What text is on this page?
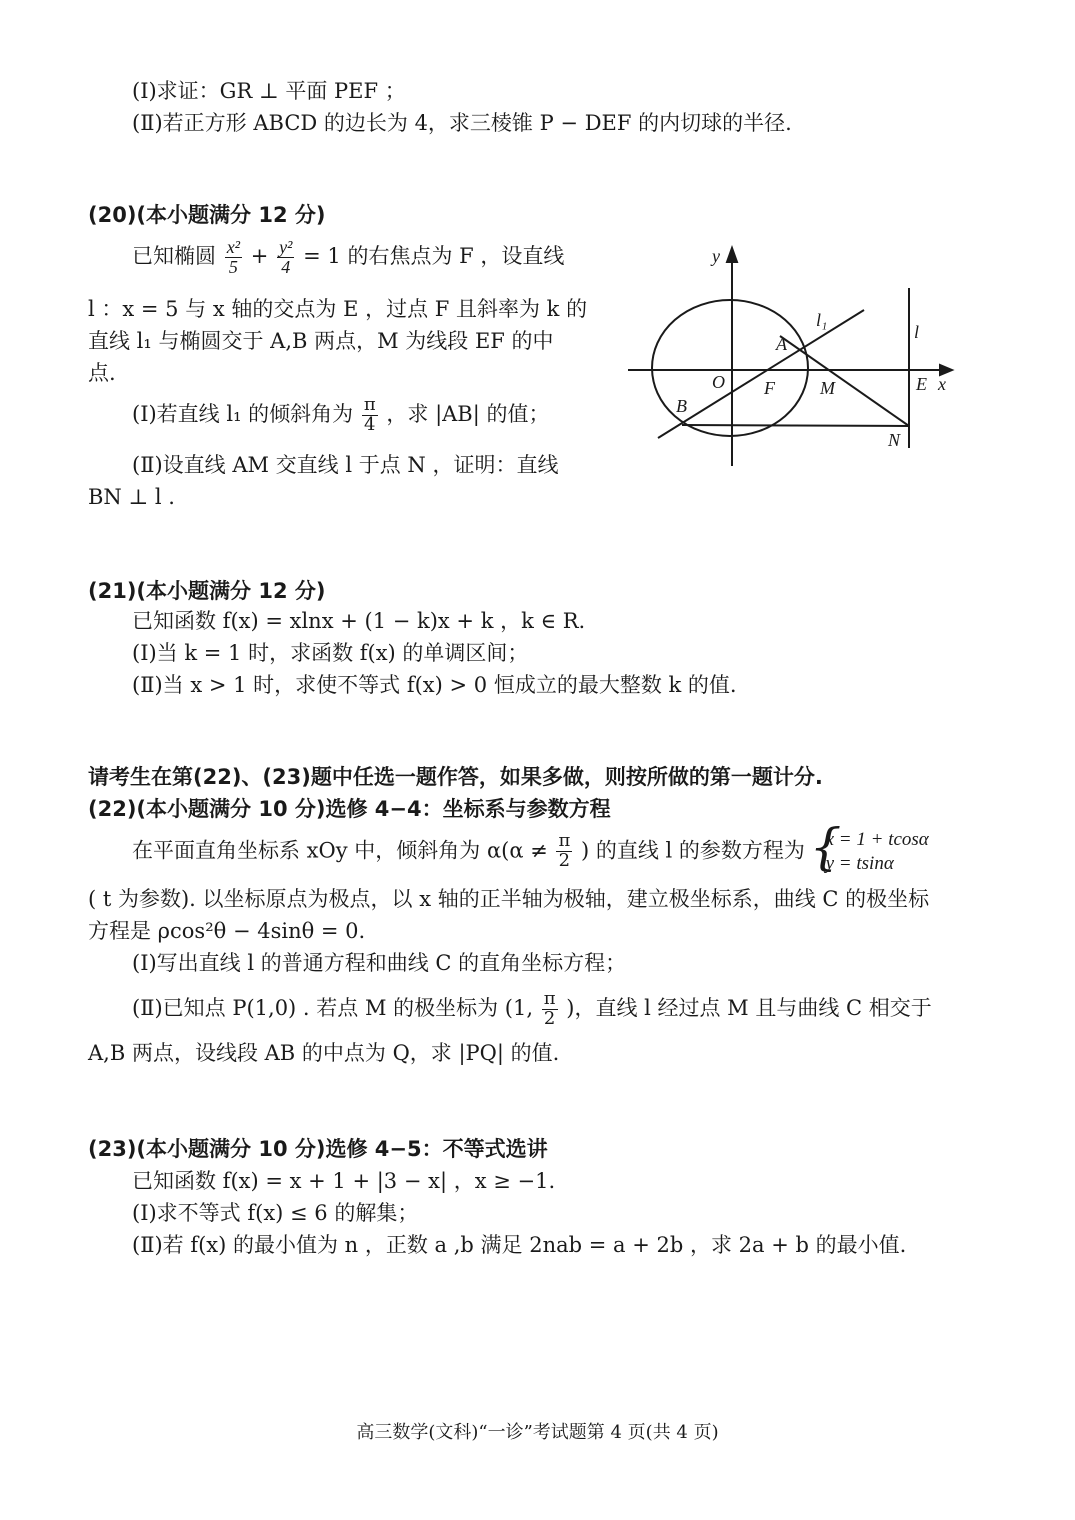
(Ⅰ)求证：GR ⊥ 平面 PEF ；
(Ⅱ)若正方形 ABCD 的边长为 4，求三棱锥 P − DEF 的内切球的半径.
(20)(本小题满分 12 分)
已知椭圆 $\frac{\text{x²}}{5} + \frac{\text{y²}}{4} = 1$ 的右焦点为 F ，设直线
l ：x = 5 与 x 轴的交点为 E ，过点 F 且斜率为 k 的
直线 l₁ 与椭圆交于 A,B 两点，M 为线段 EF 的中
点.
(Ⅰ)若直线 l₁ 的倾斜角为 $\frac{\pi}{4}$ ，求 |AB| 的值；
(Ⅱ)设直线 AM 交直线 l 于点 N ，证明：直线
BN ⊥ l .
y
x
O F	M	E
A
B
N
l
l₁
(21)(本小题满分 12 分)
已知函数 f(x) = xlnx + (1 − k)x + k ，k ∈ R.
(Ⅰ)当 k = 1 时，求函数 f(x) 的单调区间；
(Ⅱ)当 x > 1 时，求使不等式 f(x) > 0 恒成立的最大整数 k 的值.
请考生在第(22)、(23)题中任选一题作答，如果多做，则按所做的第一题计分.
(22)(本小题满分 10 分)选修 4−4：坐标系与参数方程
在平面直角坐标系 xOy 中，倾斜角为 $\alpha(\alpha \ne \frac{\pi}{2}$ ) 的直线 l 的参数方程为
{ x = 1 + tcosα
y = tsinα
( t 为参数). 以坐标原点为极点，以 x 轴的正半轴为极轴，建立极坐标系，曲线 C 的极坐标
方程是 ρcos²θ − 4sinθ = 0.
(Ⅰ)写出直线 l 的普通方程和曲线 C 的直角坐标方程；
(Ⅱ)已知点 P(1,0) . 若点 M 的极坐标为 (1, $\frac{\pi}{2}$ )，直线 l 经过点 M 且与曲线 C 相交于
A,B 两点，设线段 AB 的中点为 Q，求 |PQ| 的值.
(23)(本小题满分 10 分)选修 4−5：不等式选讲
已知函数 f(x) = x + 1 + |3 − x| ，x ≥ −1.
(Ⅰ)求不等式 f(x) ≤ 6 的解集；
(Ⅱ)若 f(x) 的最小值为 n ，正数 a ,b 满足 2nab = a + 2b ，求 2a + b 的最小值.
高三数学(文科)“一诊”考试题第 4 页(共 4 页)
